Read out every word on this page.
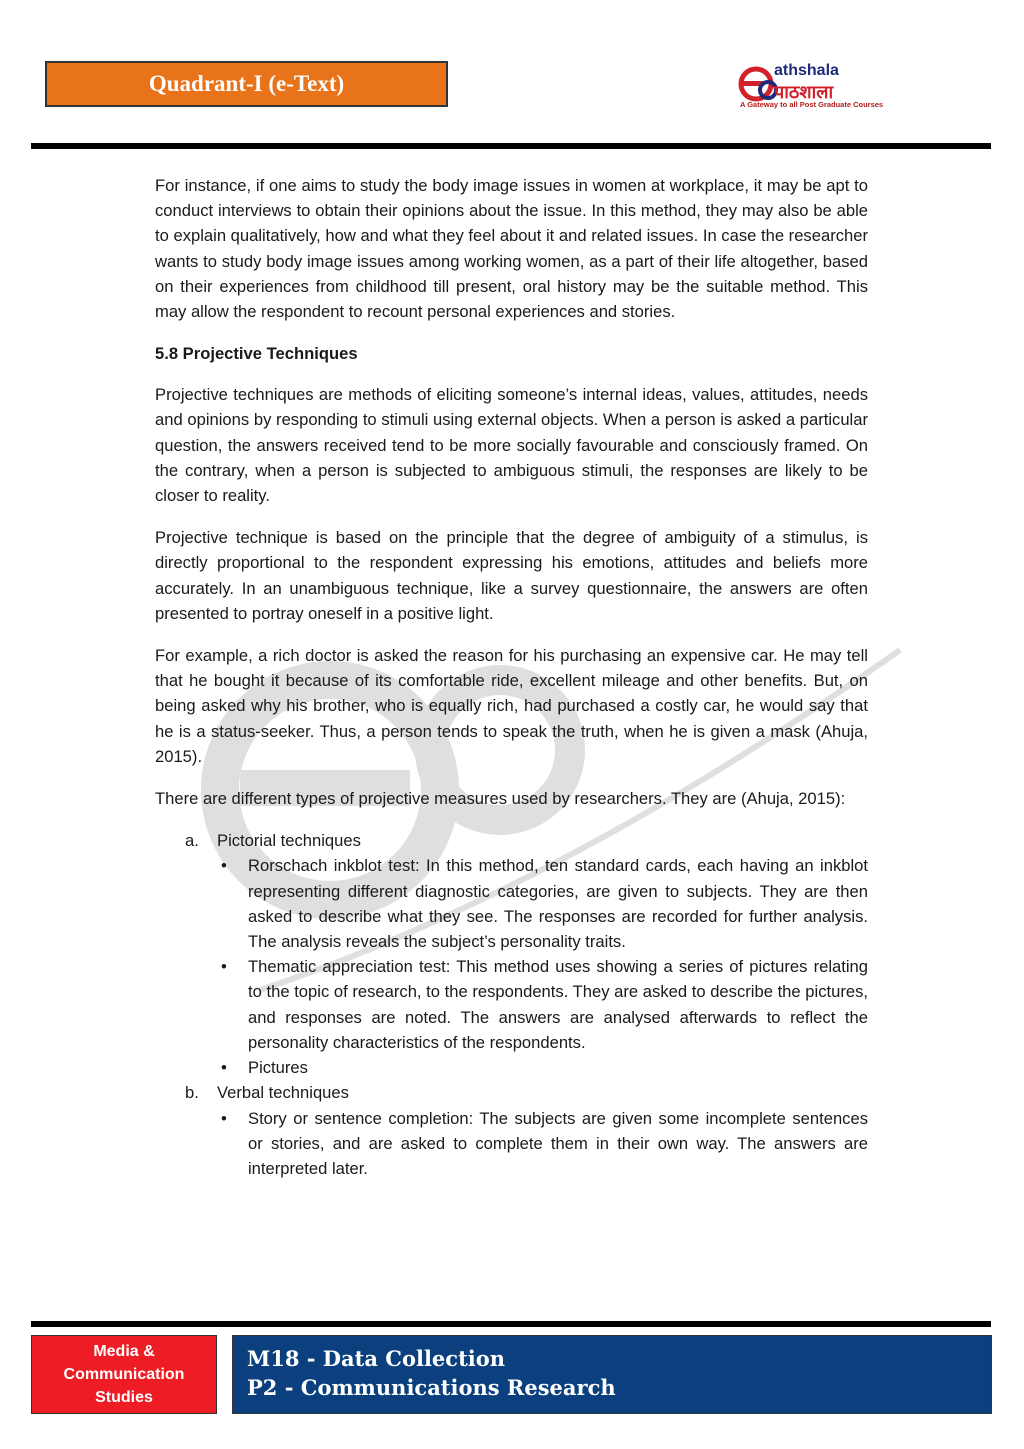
Quadrant-I (e-Text)
athshala
पाठशाला
A Gateway to all Post Graduate Courses

For instance, if one aims to study the body image issues in women at workplace, it may be apt to conduct interviews to obtain their opinions about the issue. In this method, they may also be able to explain qualitatively, how and what they feel about it and related issues. In case the researcher wants to study body image issues among working women, as a part of their life altogether, based on their experiences from childhood till present, oral history may be the suitable method. This may allow the respondent to recount personal experiences and stories.

5.8 Projective Techniques

Projective techniques are methods of eliciting someone’s internal ideas, values, attitudes, needs and opinions by responding to stimuli using external objects. When a person is asked a particular question, the answers received tend to be more socially favourable and consciously framed. On the contrary, when a person is subjected to ambiguous stimuli, the responses are likely to be closer to reality.

Projective technique is based on the principle that the degree of ambiguity of a stimulus, is directly proportional to the respondent expressing his emotions, attitudes and beliefs more accurately. In an unambiguous technique, like a survey questionnaire, the answers are often presented to portray oneself in a positive light.

For example, a rich doctor is asked the reason for his purchasing an expensive car. He may tell that he bought it because of its comfortable ride, excellent mileage and other benefits. But, on being asked why his brother, who is equally rich, had purchased a costly car, he would say that he is a status-seeker. Thus, a person tends to speak the truth, when he is given a mask (Ahuja, 2015).

There are different types of projective measures used by researchers. They are (Ahuja, 2015):

a. Pictorial techniques
• Rorschach inkblot test: In this method, ten standard cards, each having an inkblot representing different diagnostic categories, are given to subjects. They are then asked to describe what they see. The responses are recorded for further analysis. The analysis reveals the subject’s personality traits.
• Thematic appreciation test: This method uses showing a series of pictures relating to the topic of research, to the respondents. They are asked to describe the pictures, and responses are noted. The answers are analysed afterwards to reflect the personality characteristics of the respondents.
• Pictures
b. Verbal techniques
• Story or sentence completion: The subjects are given some incomplete sentences or stories, and are asked to complete them in their own way. The answers are interpreted later.
Media &
Communication
Studies
M18 - Data Collection
P2 - Communications Research
